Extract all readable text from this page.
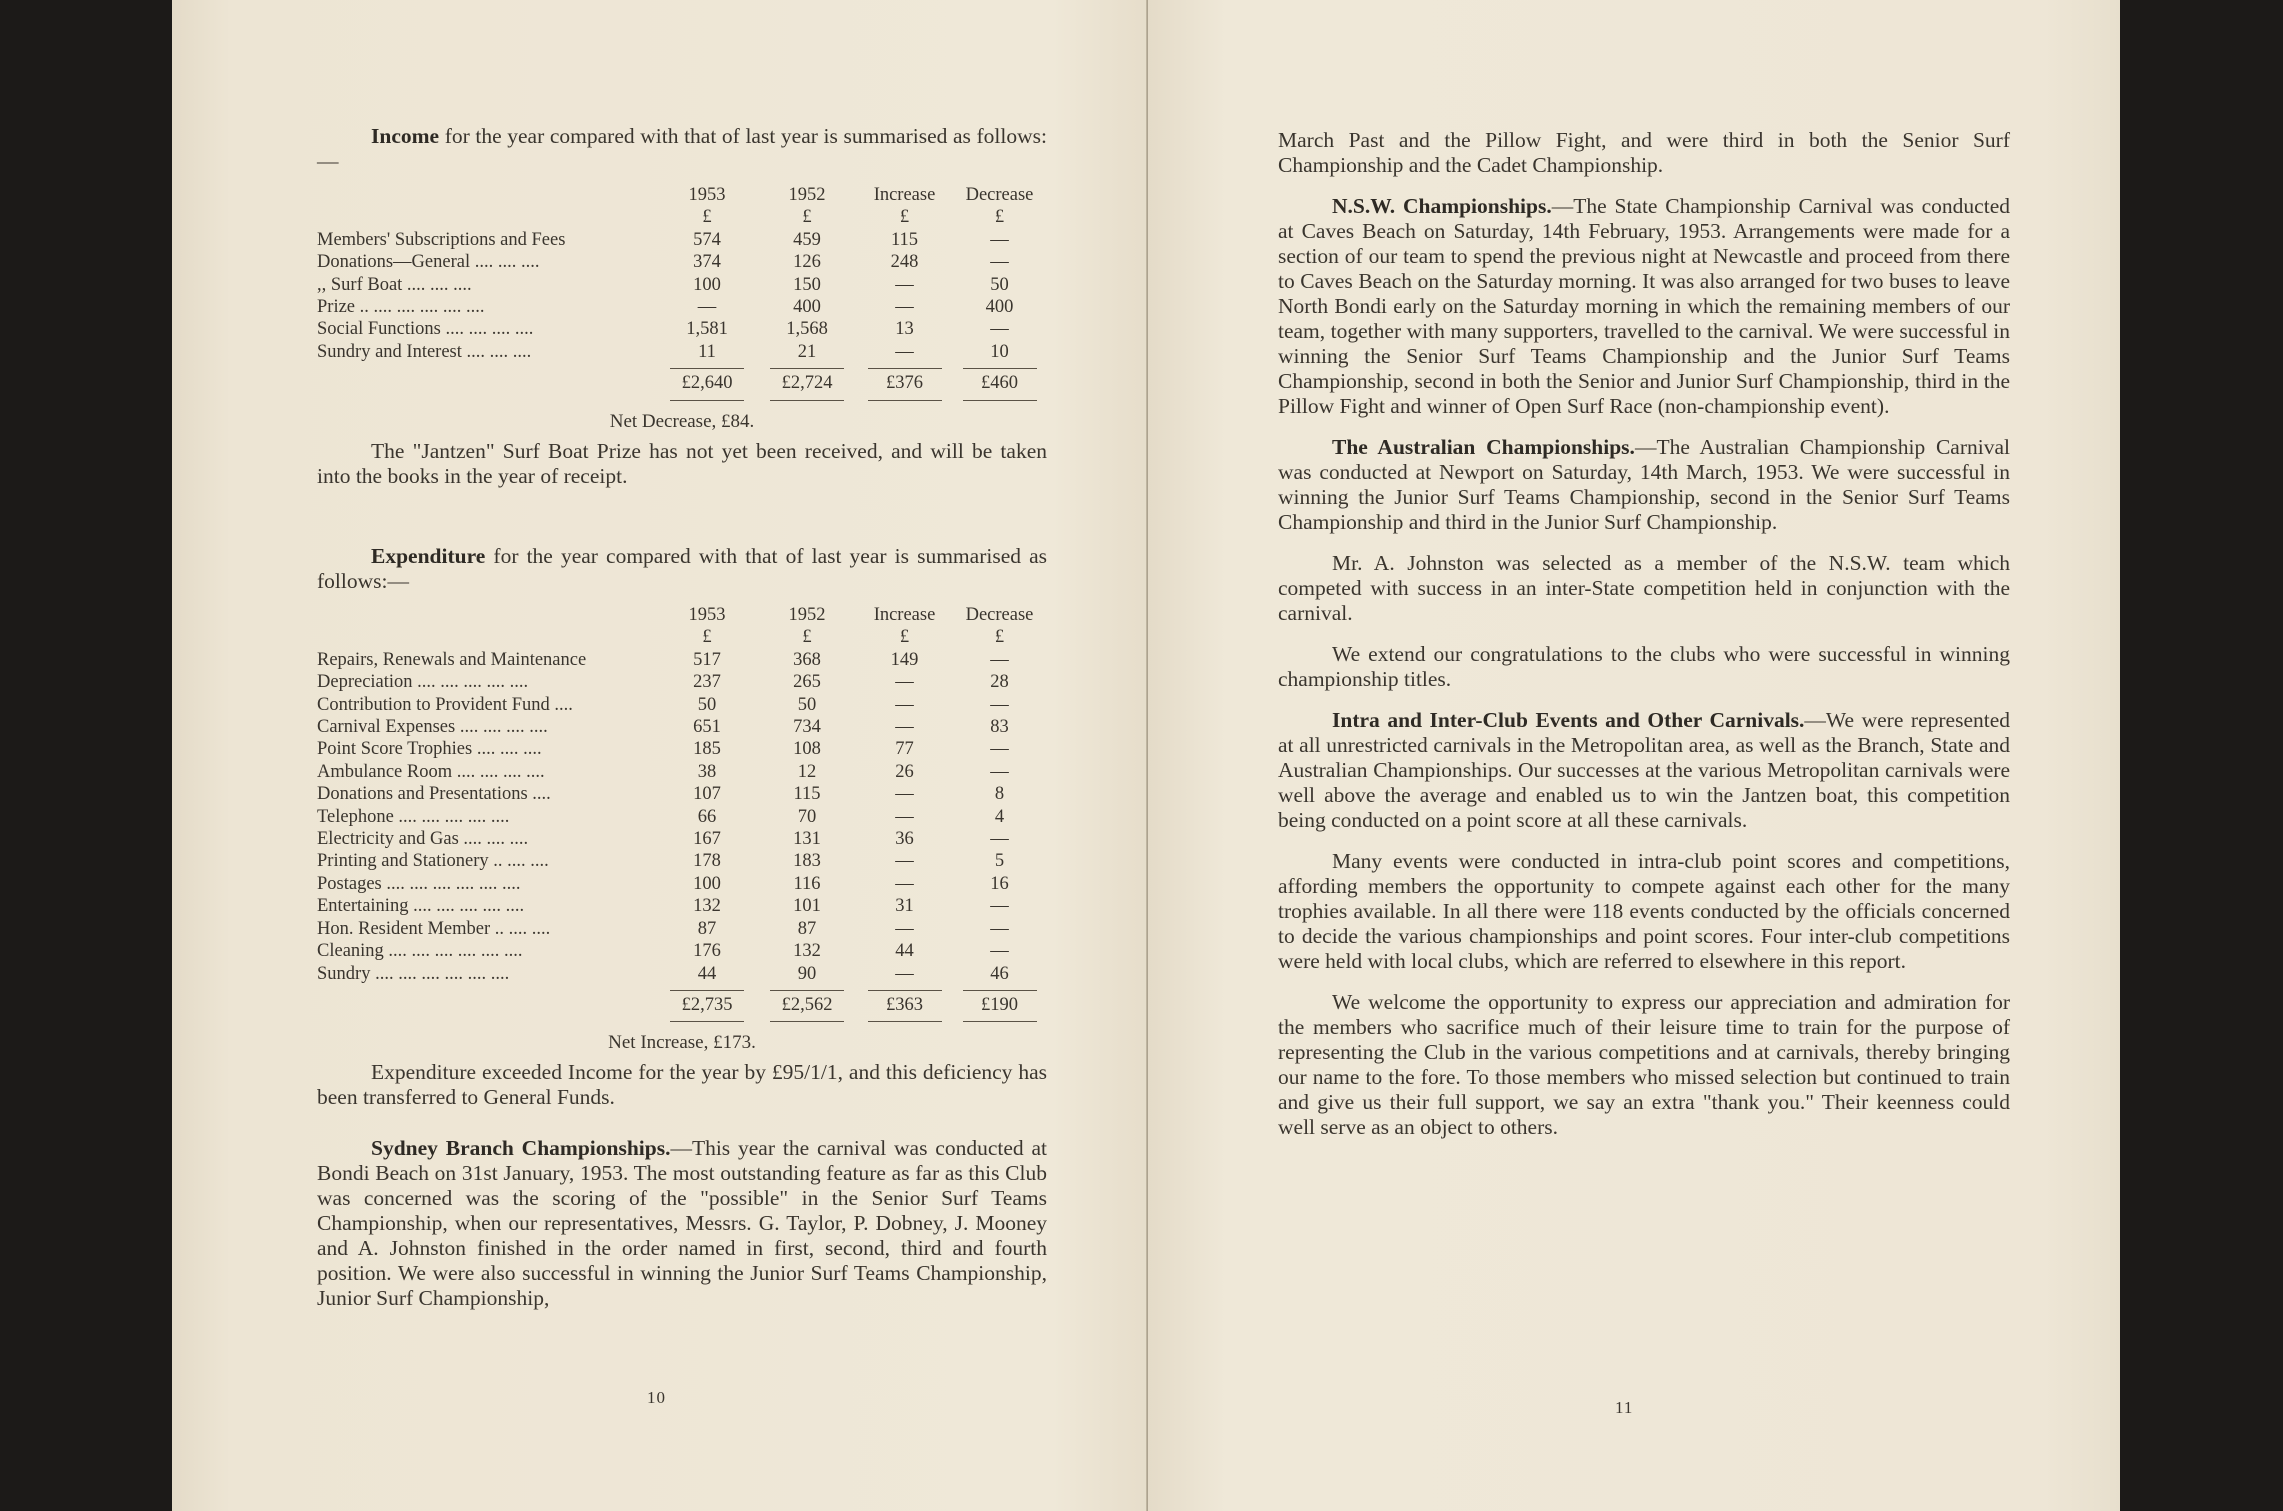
Income for the year compared with that of last year is summarised as follows:—

	1953	1952	Increase	Decrease
	£	£	£	£
Members' Subscriptions and Fees	574	459	115	—
Donations—General .... .... ....	374	126	248	—
,, Surf Boat .... .... ....	100	150	—	50
Prize .. .... .... .... .... ....	—	400	—	400
Social Functions .... .... .... ....	1,581	1,568	13	—
Sundry and Interest .... .... ....	11	21	—	10
	£2,640	£2,724	£376	£460
Net Decrease, £84.

The "Jantzen" Surf Boat Prize has not yet been received, and will be taken into the books in the year of receipt.

Expenditure for the year compared with that of last year is summarised as follows:—

	1953	1952	Increase	Decrease
	£	£	£	£
Repairs, Renewals and Maintenance	517	368	149	—
Depreciation .... .... .... .... ....	237	265	—	28
Contribution to Provident Fund ....	50	50	—	—
Carnival Expenses .... .... .... ....	651	734	—	83
Point Score Trophies .... .... ....	185	108	77	—
Ambulance Room .... .... .... ....	38	12	26	—
Donations and Presentations ....	107	115	—	8
Telephone .... .... .... .... ....	66	70	—	4
Electricity and Gas .... .... ....	167	131	36	—
Printing and Stationery .. .... ....	178	183	—	5
Postages .... .... .... .... .... ....	100	116	—	16
Entertaining .... .... .... .... ....	132	101	31	—
Hon. Resident Member .. .... ....	87	87	—	—
Cleaning .... .... .... .... .... ....	176	132	44	—
Sundry .... .... .... .... .... ....	44	90	—	46
	£2,735	£2,562	£363	£190
Net Increase, £173.

Expenditure exceeded Income for the year by £95/1/1, and this deficiency has been transferred to General Funds.

Sydney Branch Championships.—This year the carnival was conducted at Bondi Beach on 31st January, 1953. The most outstanding feature as far as this Club was concerned was the scoring of the "possible" in the Senior Surf Teams Championship, when our representatives, Messrs. G. Taylor, P. Dobney, J. Mooney and A. Johnston finished in the order named in first, second, third and fourth position. We were also successful in winning the Junior Surf Teams Championship, Junior Surf Championship,

10

March Past and the Pillow Fight, and were third in both the Senior Surf Championship and the Cadet Championship.

N.S.W. Championships.—The State Championship Carnival was conducted at Caves Beach on Saturday, 14th February, 1953. Arrangements were made for a section of our team to spend the previous night at Newcastle and proceed from there to Caves Beach on the Saturday morning. It was also arranged for two buses to leave North Bondi early on the Saturday morning in which the remaining members of our team, together with many supporters, travelled to the carnival. We were successful in winning the Senior Surf Teams Championship and the Junior Surf Teams Championship, second in both the Senior and Junior Surf Championship, third in the Pillow Fight and winner of Open Surf Race (non-championship event).

The Australian Championships.—The Australian Championship Carnival was conducted at Newport on Saturday, 14th March, 1953. We were successful in winning the Junior Surf Teams Championship, second in the Senior Surf Teams Championship and third in the Junior Surf Championship.

Mr. A. Johnston was selected as a member of the N.S.W. team which competed with success in an inter-State competition held in conjunction with the carnival.

We extend our congratulations to the clubs who were successful in winning championship titles.

Intra and Inter-Club Events and Other Carnivals.—We were represented at all unrestricted carnivals in the Metropolitan area, as well as the Branch, State and Australian Championships. Our successes at the various Metropolitan carnivals were well above the average and enabled us to win the Jantzen boat, this competition being conducted on a point score at all these carnivals.

Many events were conducted in intra-club point scores and competitions, affording members the opportunity to compete against each other for the many trophies available. In all there were 118 events conducted by the officials concerned to decide the various championships and point scores. Four inter-club competitions were held with local clubs, which are referred to elsewhere in this report.

We welcome the opportunity to express our appreciation and admiration for the members who sacrifice much of their leisure time to train for the purpose of representing the Club in the various competitions and at carnivals, thereby bringing our name to the fore. To those members who missed selection but continued to train and give us their full support, we say an extra "thank you." Their keenness could well serve as an object to others.

11
